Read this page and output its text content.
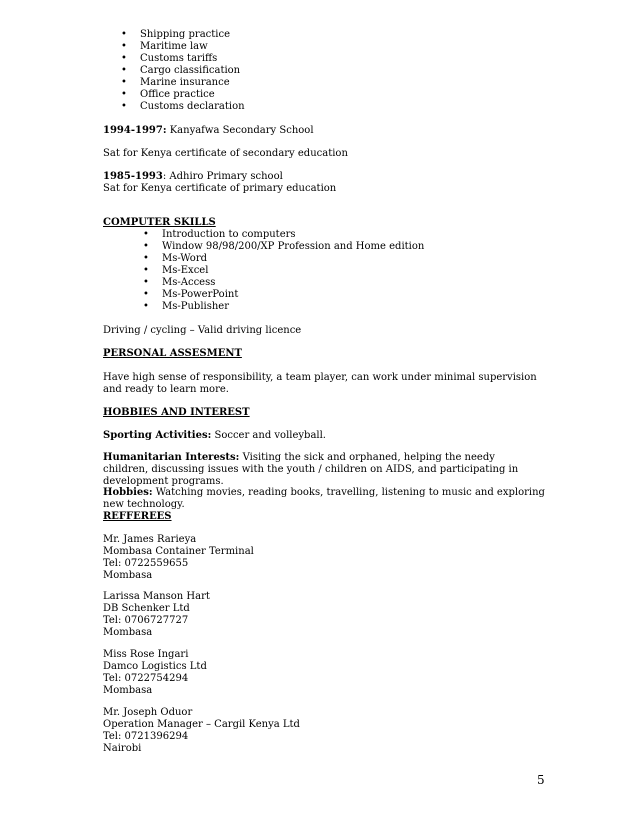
• Shipping practice
• Maritime law
• Customs tariffs
• Cargo classification
• Marine insurance
• Office practice
• Customs declaration

1994-1997: Kanyafwa Secondary School

Sat for Kenya certificate of secondary education

1985-1993: Adhiro Primary school

Sat for Kenya certificate of primary education

COMPUTER SKILLS

• Introduction to computers
• Window 98/98/200/XP Profession and Home edition
• Ms-Word
• Ms-Excel
• Ms-Access
• Ms-PowerPoint
• Ms-Publisher

Driving / cycling – Valid driving licence

PERSONAL ASSESMENT

Have high sense of responsibility, a team player, can work under minimal supervision and ready to learn more.

HOBBIES AND INTEREST

Sporting Activities: Soccer and volleyball.

Humanitarian Interests: Visiting the sick and orphaned, helping the needy children, discussing issues with the youth / children on AIDS, and participating in development programs.

Hobbies: Watching movies, reading books, travelling, listening to music and exploring new technology.

REFFEREES

Mr. James Rarieya

Mombasa Container Terminal

Tel: 0722559655

Mombasa

Larissa Manson Hart

DB Schenker Ltd

Tel: 0706727727

Mombasa

Miss Rose Ingari

Damco Logistics Ltd

Tel: 0722754294

Mombasa

Mr. Joseph Oduor

Operation Manager – Cargil Kenya Ltd

Tel: 0721396294

Nairobi

5
